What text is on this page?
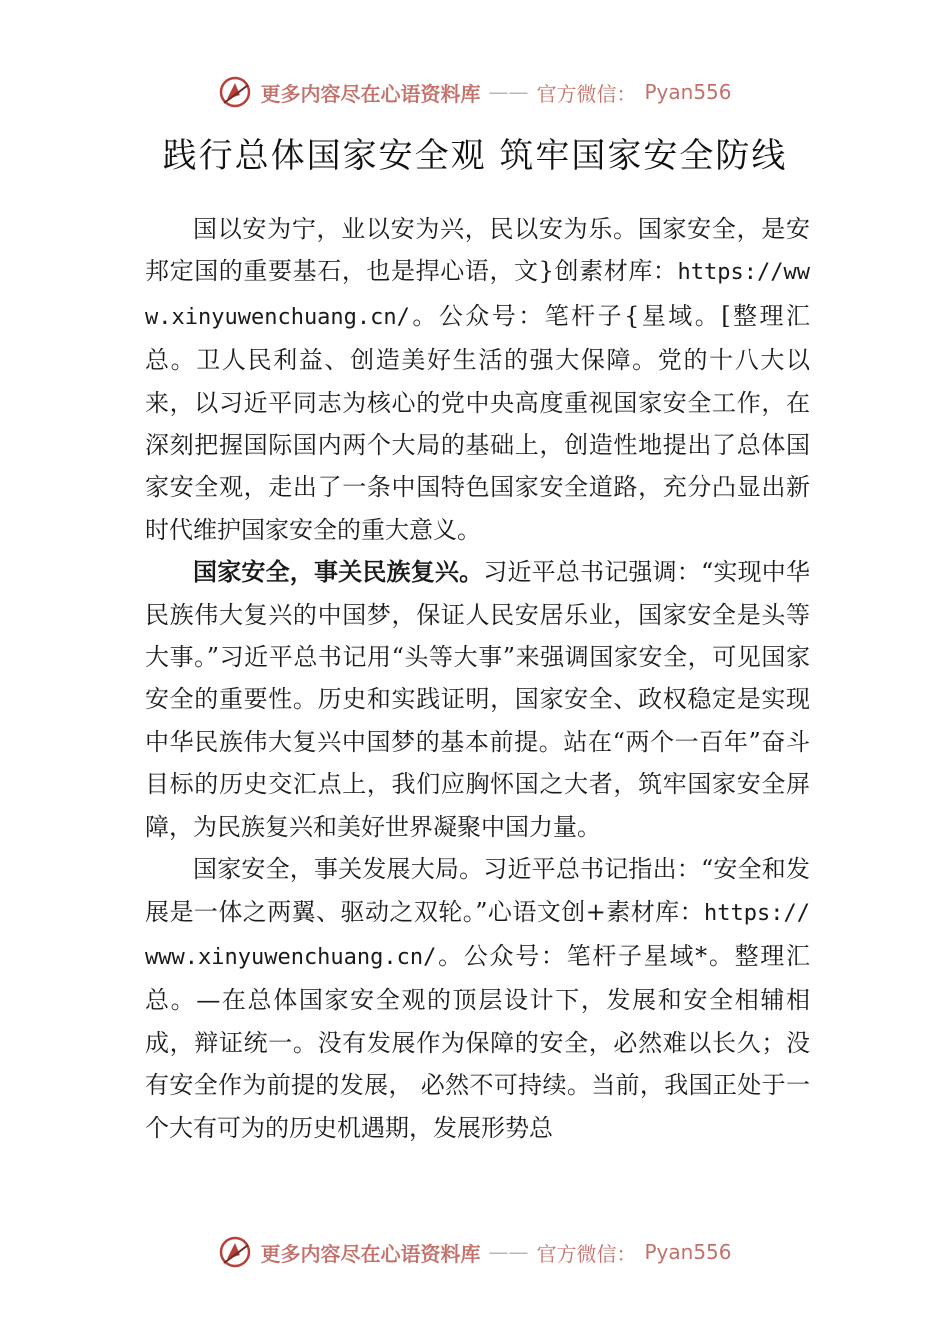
更多内容尽在心语资料库 —— 官方微信： Pyan556
践行总体国家安全观 筑牢国家安全防线

国以安为宁，业以安为兴，民以安为乐。国家安全，是安邦定国的重要基石，也是捍心语，文}创素材库：https://www.xinyuwenchuang.cn/。公众号：笔杆子{星域。[整理汇总。卫人民利益、创造美好生活的强大保障。党的十八大以来，以习近平同志为核心的党中央高度重视国家安全工作，在深刻把握国际国内两个大局的基础上，创造性地提出了总体国家安全观，走出了一条中国特色国家安全道路，充分凸显出新时代维护国家安全的重大意义。

国家安全，事关民族复兴。习近平总书记强调：“实现中华民族伟大复兴的中国梦，保证人民安居乐业，国家安全是头等大事。”习近平总书记用“头等大事”来强调国家安全，可见国家安全的重要性。历史和实践证明，国家安全、政权稳定是实现中华民族伟大复兴中国梦的基本前提。站在“两个一百年”奋斗目标的历史交汇点上，我们应胸怀国之大者，筑牢国家安全屏障，为民族复兴和美好世界凝聚中国力量。

国家安全，事关发展大局。习近平总书记指出：“安全和发展是一体之两翼、驱动之双轮。”心语文创+素材库：https://www.xinyuwenchuang.cn/。公众号：笔杆子星域*。整理汇总。—在总体国家安全观的顶层设计下，发展和安全相辅相成，辩证统一。没有发展作为保障的安全，必然难以长久；没有安全作为前提的发展， 必然不可持续。当前，我国正处于一个大有可为的历史机遇期，发展形势总

更多内容尽在心语资料库 —— 官方微信： Pyan556
